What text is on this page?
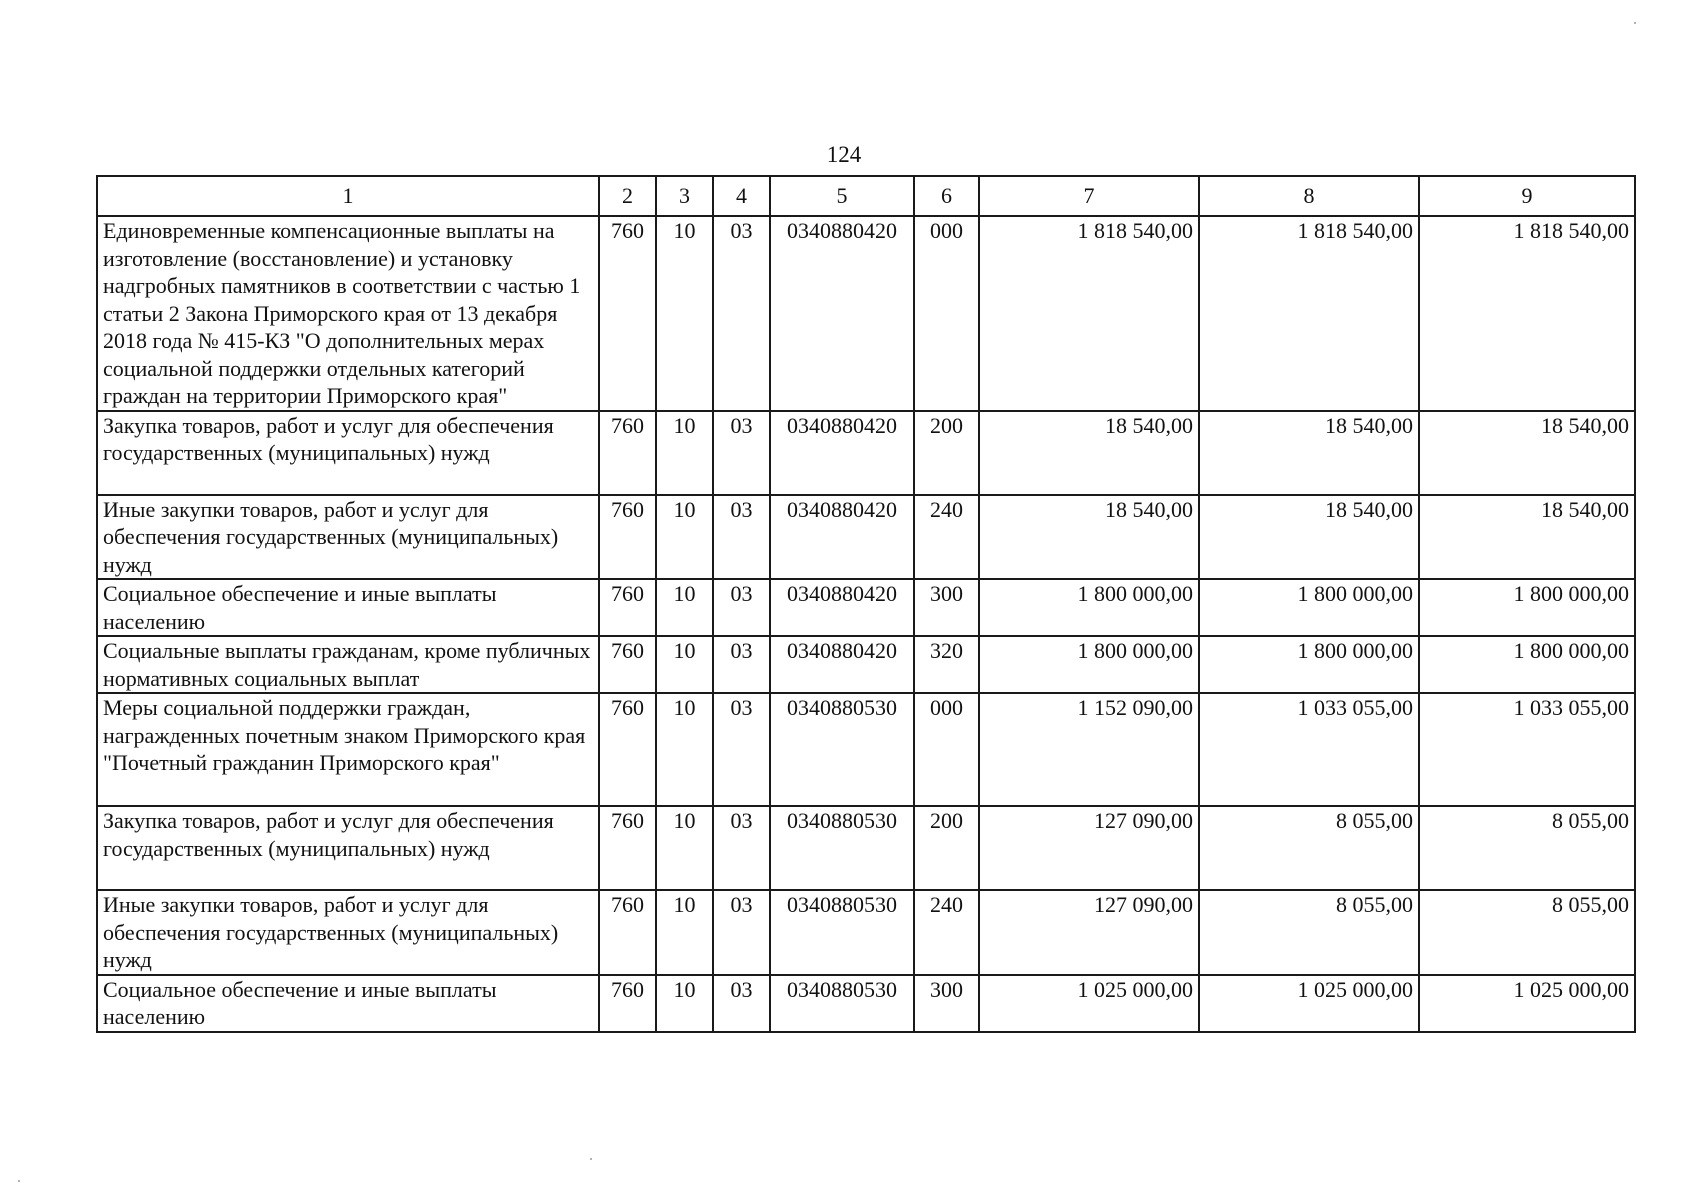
124
1	2	3	4	5	6	7	8	9
Единовременные компенсационные выплаты на изготовление (восстановление) и установку надгробных памятников в соответствии с частью 1 статьи 2 Закона Приморского края от 13 декабря 2018 года № 415-КЗ "О дополнительных мерах социальной поддержки отдельных категорий граждан на территории Приморского края"	760	10	03	0340880420	000	1 818 540,00	1 818 540,00	1 818 540,00
Закупка товаров, работ и услуг для обеспечения государственных (муниципальных) нужд	760	10	03	0340880420	200	18 540,00	18 540,00	18 540,00
Иные закупки товаров, работ и услуг для обеспечения государственных (муниципальных) нужд	760	10	03	0340880420	240	18 540,00	18 540,00	18 540,00
Социальное обеспечение и иные выплаты населению	760	10	03	0340880420	300	1 800 000,00	1 800 000,00	1 800 000,00
Социальные выплаты гражданам, кроме публичных нормативных социальных выплат	760	10	03	0340880420	320	1 800 000,00	1 800 000,00	1 800 000,00
Меры социальной поддержки граждан, награжденных почетным знаком Приморского края "Почетный гражданин Приморского края"	760	10	03	0340880530	000	1 152 090,00	1 033 055,00	1 033 055,00
Закупка товаров, работ и услуг для обеспечения государственных (муниципальных) нужд	760	10	03	0340880530	200	127 090,00	8 055,00	8 055,00
Иные закупки товаров, работ и услуг для обеспечения государственных (муниципальных) нужд	760	10	03	0340880530	240	127 090,00	8 055,00	8 055,00
Социальное обеспечение и иные выплаты населению	760	10	03	0340880530	300	1 025 000,00	1 025 000,00	1 025 000,00
